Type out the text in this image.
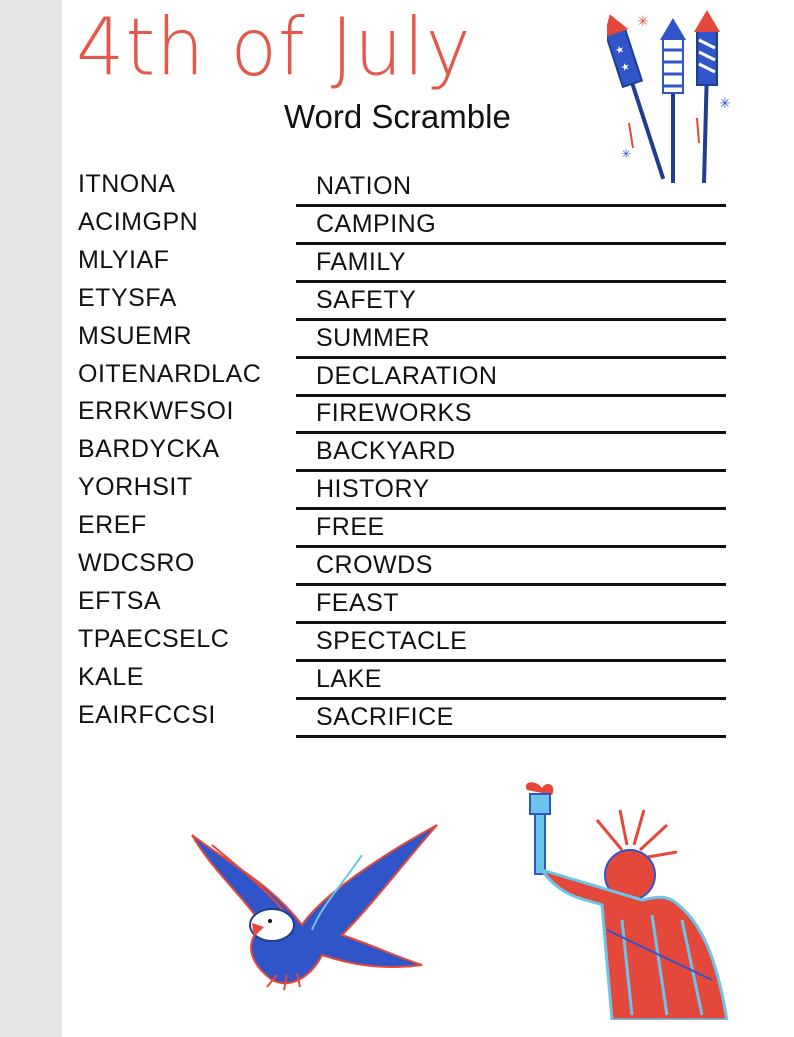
4th of July
Word Scramble
★
★
✳
✳
✳
ITNONA	NATION
ACIMGPN	CAMPING
MLYIAF	FAMILY
ETYSFA	SAFETY
MSUEMR	SUMMER
OITENARDLAC DECLARATION
ERRKWFSOI	FIREWORKS
BARDYCKA	BACKYARD
YORHSIT	HISTORY
EREF	FREE
WDCSRO	CROWDS
EFTSA	FEAST
TPAECSELC	SPECTACLE
KALE	LAKE
EAIRFCCSI	SACRIFICE
